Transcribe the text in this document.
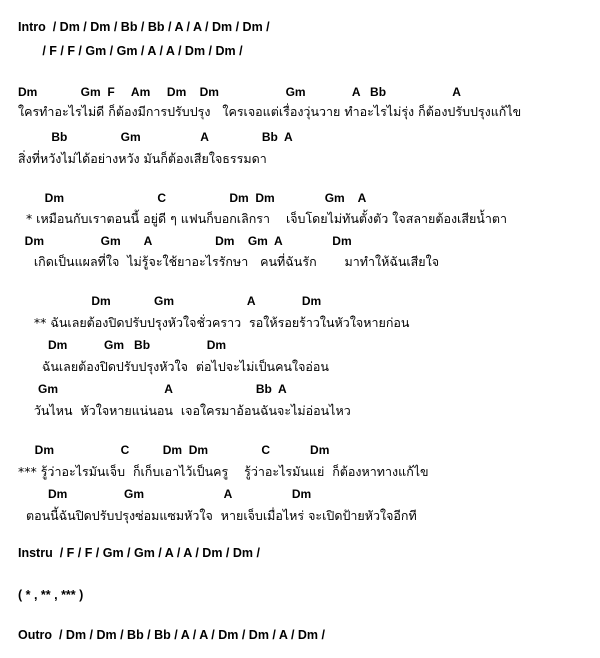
Intro / Dm / Dm / Bb / Bb / A / A / Dm / Dm /
/ F / F / Gm / Gm / A / A / Dm / Dm /
Dm             Gm  F     Am     Dm    Dm                    Gm              A   Bb                    A
ใครทำอะไรไม่ดี ก็ต้องมีการปรับปรุง   ใครเจอแต่เรื่องวุ่นวาย ทำอะไรไม่รุ่ง ก็ต้องปรับปรุงแก้ไข
Bb                Gm                  A                Bb  A
สิ่งที่หวังไม่ได้อย่างหวัง มันก็ต้องเสียใจธรรมดา
Dm                            C                   Dm  Dm               Gm    A
* เหมือนกับเราตอนนี้ อยู่ดี ๆ แฟนก็บอกเลิกรา    เจ็บโดยไม่ทันตั้งตัว ใจสลายต้องเสียน้ำตา
Dm                 Gm       A                   Dm    Gm  A               Dm
เกิดเป็นแผลที่ใจ  ไม่รู้จะใช้ยาอะไรรักษา   คนที่ฉันรัก       มาทำให้ฉันเสียใจ
Dm             Gm                      A              Dm
** ฉันเลยต้องปิดปรับปรุงหัวใจชั่วคราว  รอให้รอยร้าวในหัวใจหายก่อน
Dm           Gm   Bb                 Dm
ฉันเลยต้องปิดปรับปรุงหัวใจ  ต่อไปจะไม่เป็นคนใจอ่อน
Gm                                A                         Bb  A
วันไหน  หัวใจหายแน่นอน  เจอใครมาอ้อนฉันจะไม่อ่อนไหว
Dm                    C          Dm  Dm                C            Dm
*** รู้ว่าอะไรมันเจ็บ  ก็เก็บเอาไว้เป็นครู    รู้ว่าอะไรมันแย่  ก็ต้องหาทางแก้ไข
Dm                 Gm                        A                  Dm
ตอนนี้ฉันปิดปรับปรุงซ่อมแซมหัวใจ  หายเจ็บเมื่อไหร่ จะเปิดป้ายหัวใจอีกที
Instru / F / F / Gm / Gm / A / A / Dm / Dm /
( * , ** , *** )
Outro / Dm / Dm / Bb / Bb / A / A / Dm / Dm / A / Dm /
